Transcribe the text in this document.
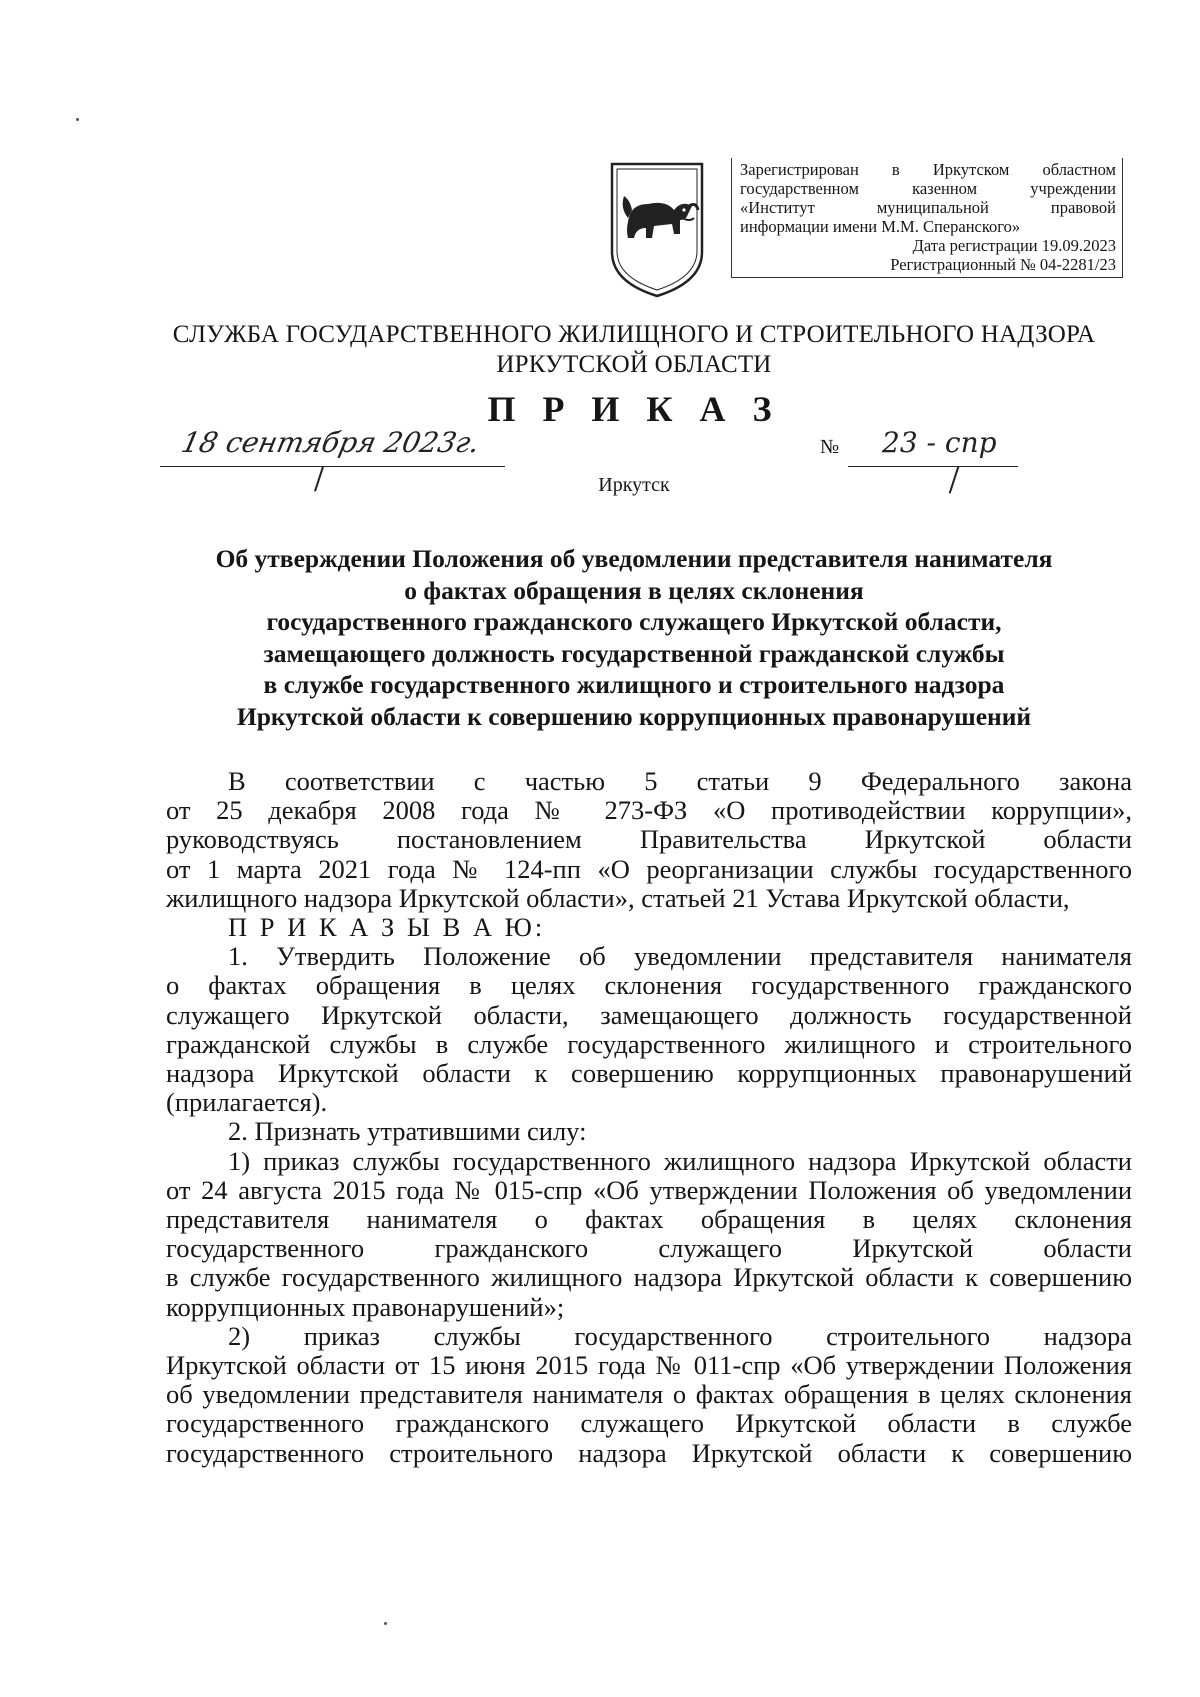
Зарегистрирован в Иркутском областном
государственном казенном учреждении
«Институт муниципальной правовой
информации имени М.М. Сперанского»
Дата регистрации 19.09.2023
Регистрационный № 04-2281/23
СЛУЖБА ГОСУДАРСТВЕННОГО ЖИЛИЩНОГО И СТРОИТЕЛЬНОГО НАДЗОРА
ИРКУТСКОЙ ОБЛАСТИ
П Р И К А З
18 сентября 2023г.	№ 23 - спр
Иркутск
Об утверждении Положения об уведомлении представителя нанимателя
о фактах обращения в целях склонения
государственного гражданского служащего Иркутской области,
замещающего должность государственной гражданской службы
в службе государственного жилищного и строительного надзора
Иркутской области к совершению коррупционных правонарушений

В соответствии с частью 5 статьи 9 Федерального закона
от 25 декабря 2008 года № 273-ФЗ «О противодействии коррупции»,
руководствуясь постановлением Правительства Иркутской области
от 1 марта 2021 года № 124-пп «О реорганизации службы государственного
жилищного надзора Иркутской области», статьей 21 Устава Иркутской области,

П Р И К А З Ы В А Ю:

1. Утвердить Положение об уведомлении представителя нанимателя
о фактах обращения в целях склонения государственного гражданского
служащего Иркутской области, замещающего должность государственной
гражданской службы в службе государственного жилищного и строительного
надзора Иркутской области к совершению коррупционных правонарушений
(прилагается).

2. Признать утратившими силу:

1) приказ службы государственного жилищного надзора Иркутской области
от 24 августа 2015 года № 015-спр «Об утверждении Положения об уведомлении
представителя нанимателя о фактах обращения в целях склонения
государственного гражданского служащего Иркутской области
в службе государственного жилищного надзора Иркутской области к совершению
коррупционных правонарушений»;

2) приказ службы государственного строительного надзора
Иркутской области от 15 июня 2015 года № 011-спр «Об утверждении Положения
об уведомлении представителя нанимателя о фактах обращения в целях склонения
государственного гражданского служащего Иркутской области в службе
государственного строительного надзора Иркутской области к совершению
